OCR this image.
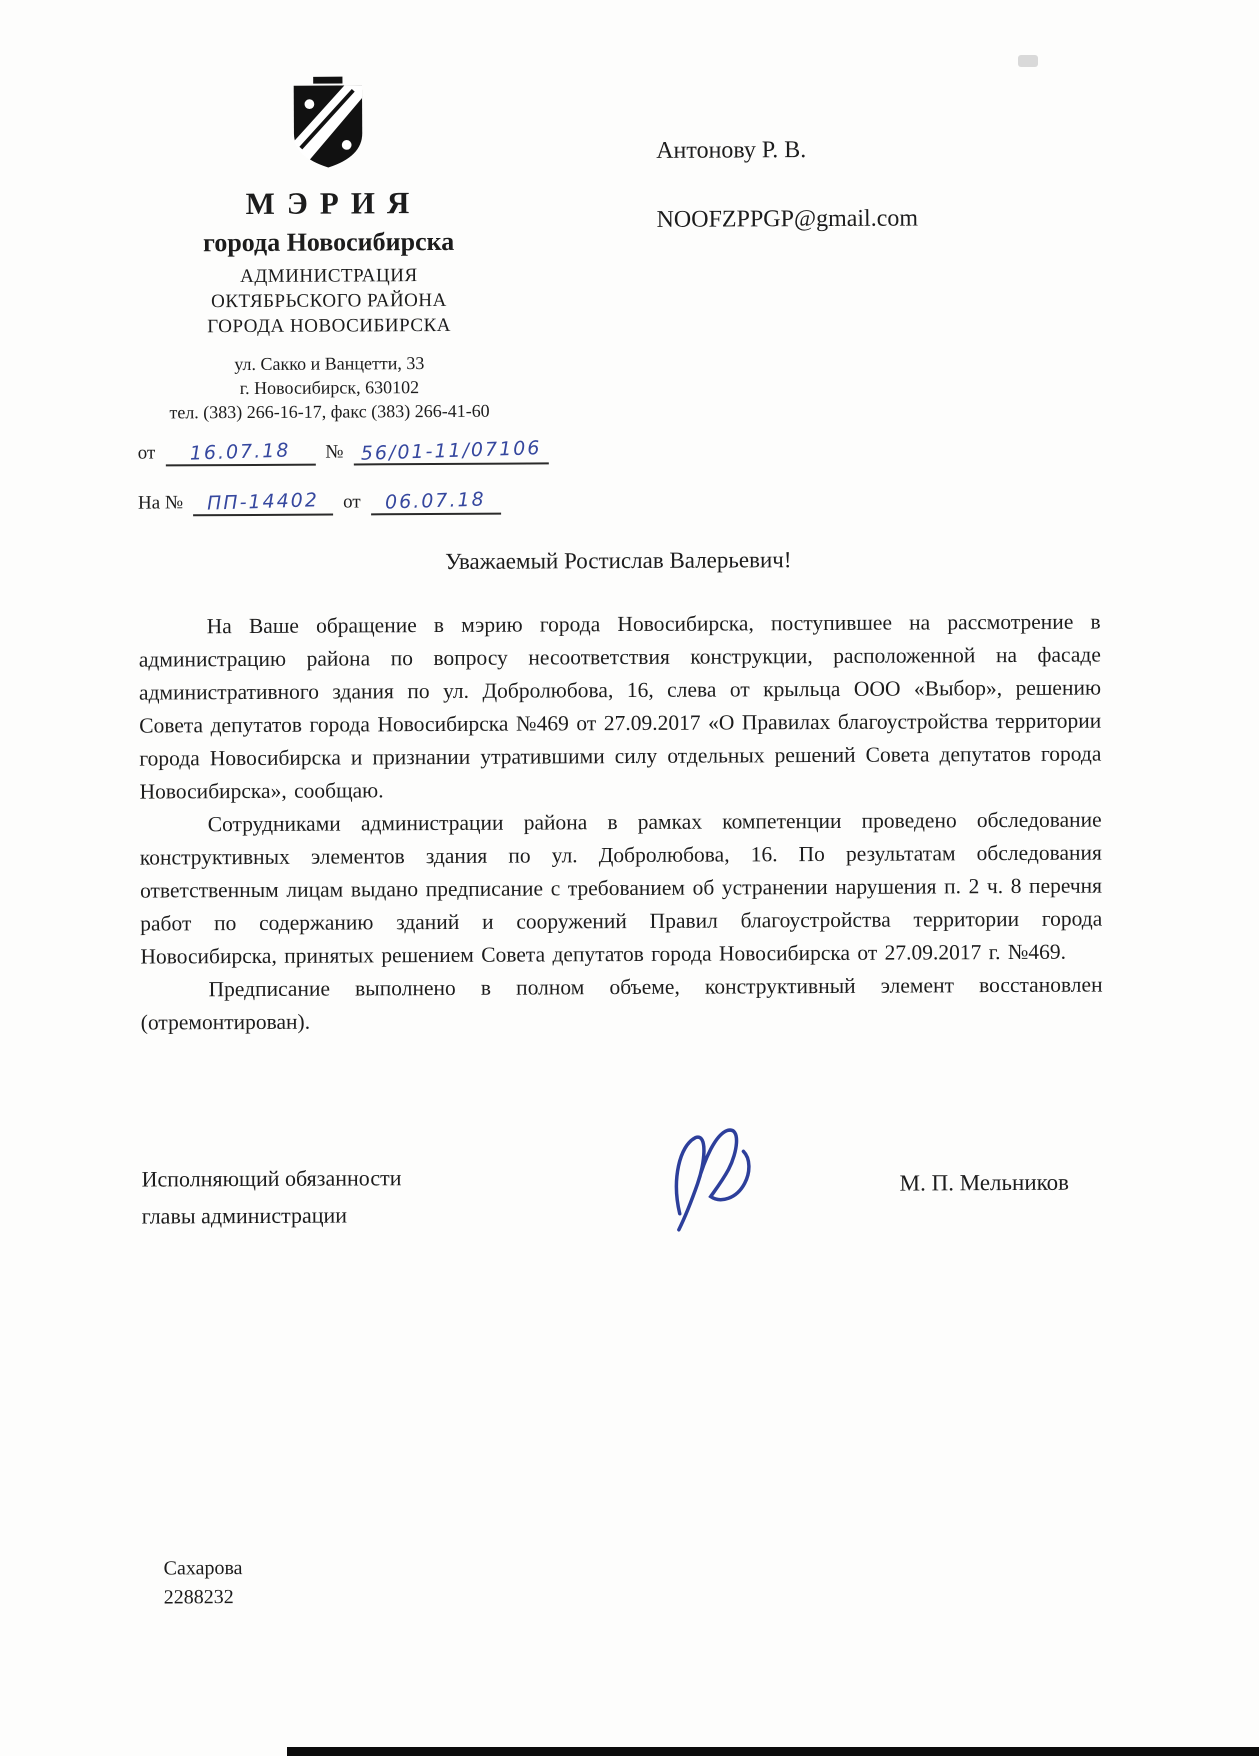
МЭРИЯ
города Новосибирска
АДМИНИСТРАЦИЯ
ОКТЯБРЬСКОГО РАЙОНА
ГОРОДА НОВОСИБИРСКА
ул. Сакко и Ванцетти, 33
г. Новосибирск, 630102
тел. (383) 266-16-17, факс (383) 266-41-60
от	16.07.18	№ 56/01-11/07106
На №	ПП-14402	от	06.07.18
Антонову Р. В.
NOOFZPPGP@gmail.com
Уважаемый Ростислав Валерьевич!

На Ваше обращение в мэрию города Новосибирска, поступившее на рассмотрение в администрацию района по вопросу несоответствия конструкции, расположенной на фасаде административного здания по ул. Добролюбова, 16, слева от крыльца ООО «Выбор», решению Совета депутатов города Новосибирска №469 от 27.09.2017 «О Правилах благоустройства территории города Новосибирска и признании утратившими силу отдельных решений Совета депутатов города Новосибирска», сообщаю.

Сотрудниками администрации района в рамках компетенции проведено обследование конструктивных элементов здания по ул. Добролюбова, 16. По результатам обследования ответственным лицам выдано предписание с требованием об устранении нарушения п. 2 ч. 8 перечня работ по содержанию зданий и сооружений Правил благоустройства территории города Новосибирска, принятых решением Совета депутатов города Новосибирска от 27.09.2017 г. №469.

Предписание выполнено в полном объеме, конструктивный элемент восстановлен (отремонтирован).

Исполняющий обязанности
главы администрации
М. П. Мельников
Сахарова
2288232
